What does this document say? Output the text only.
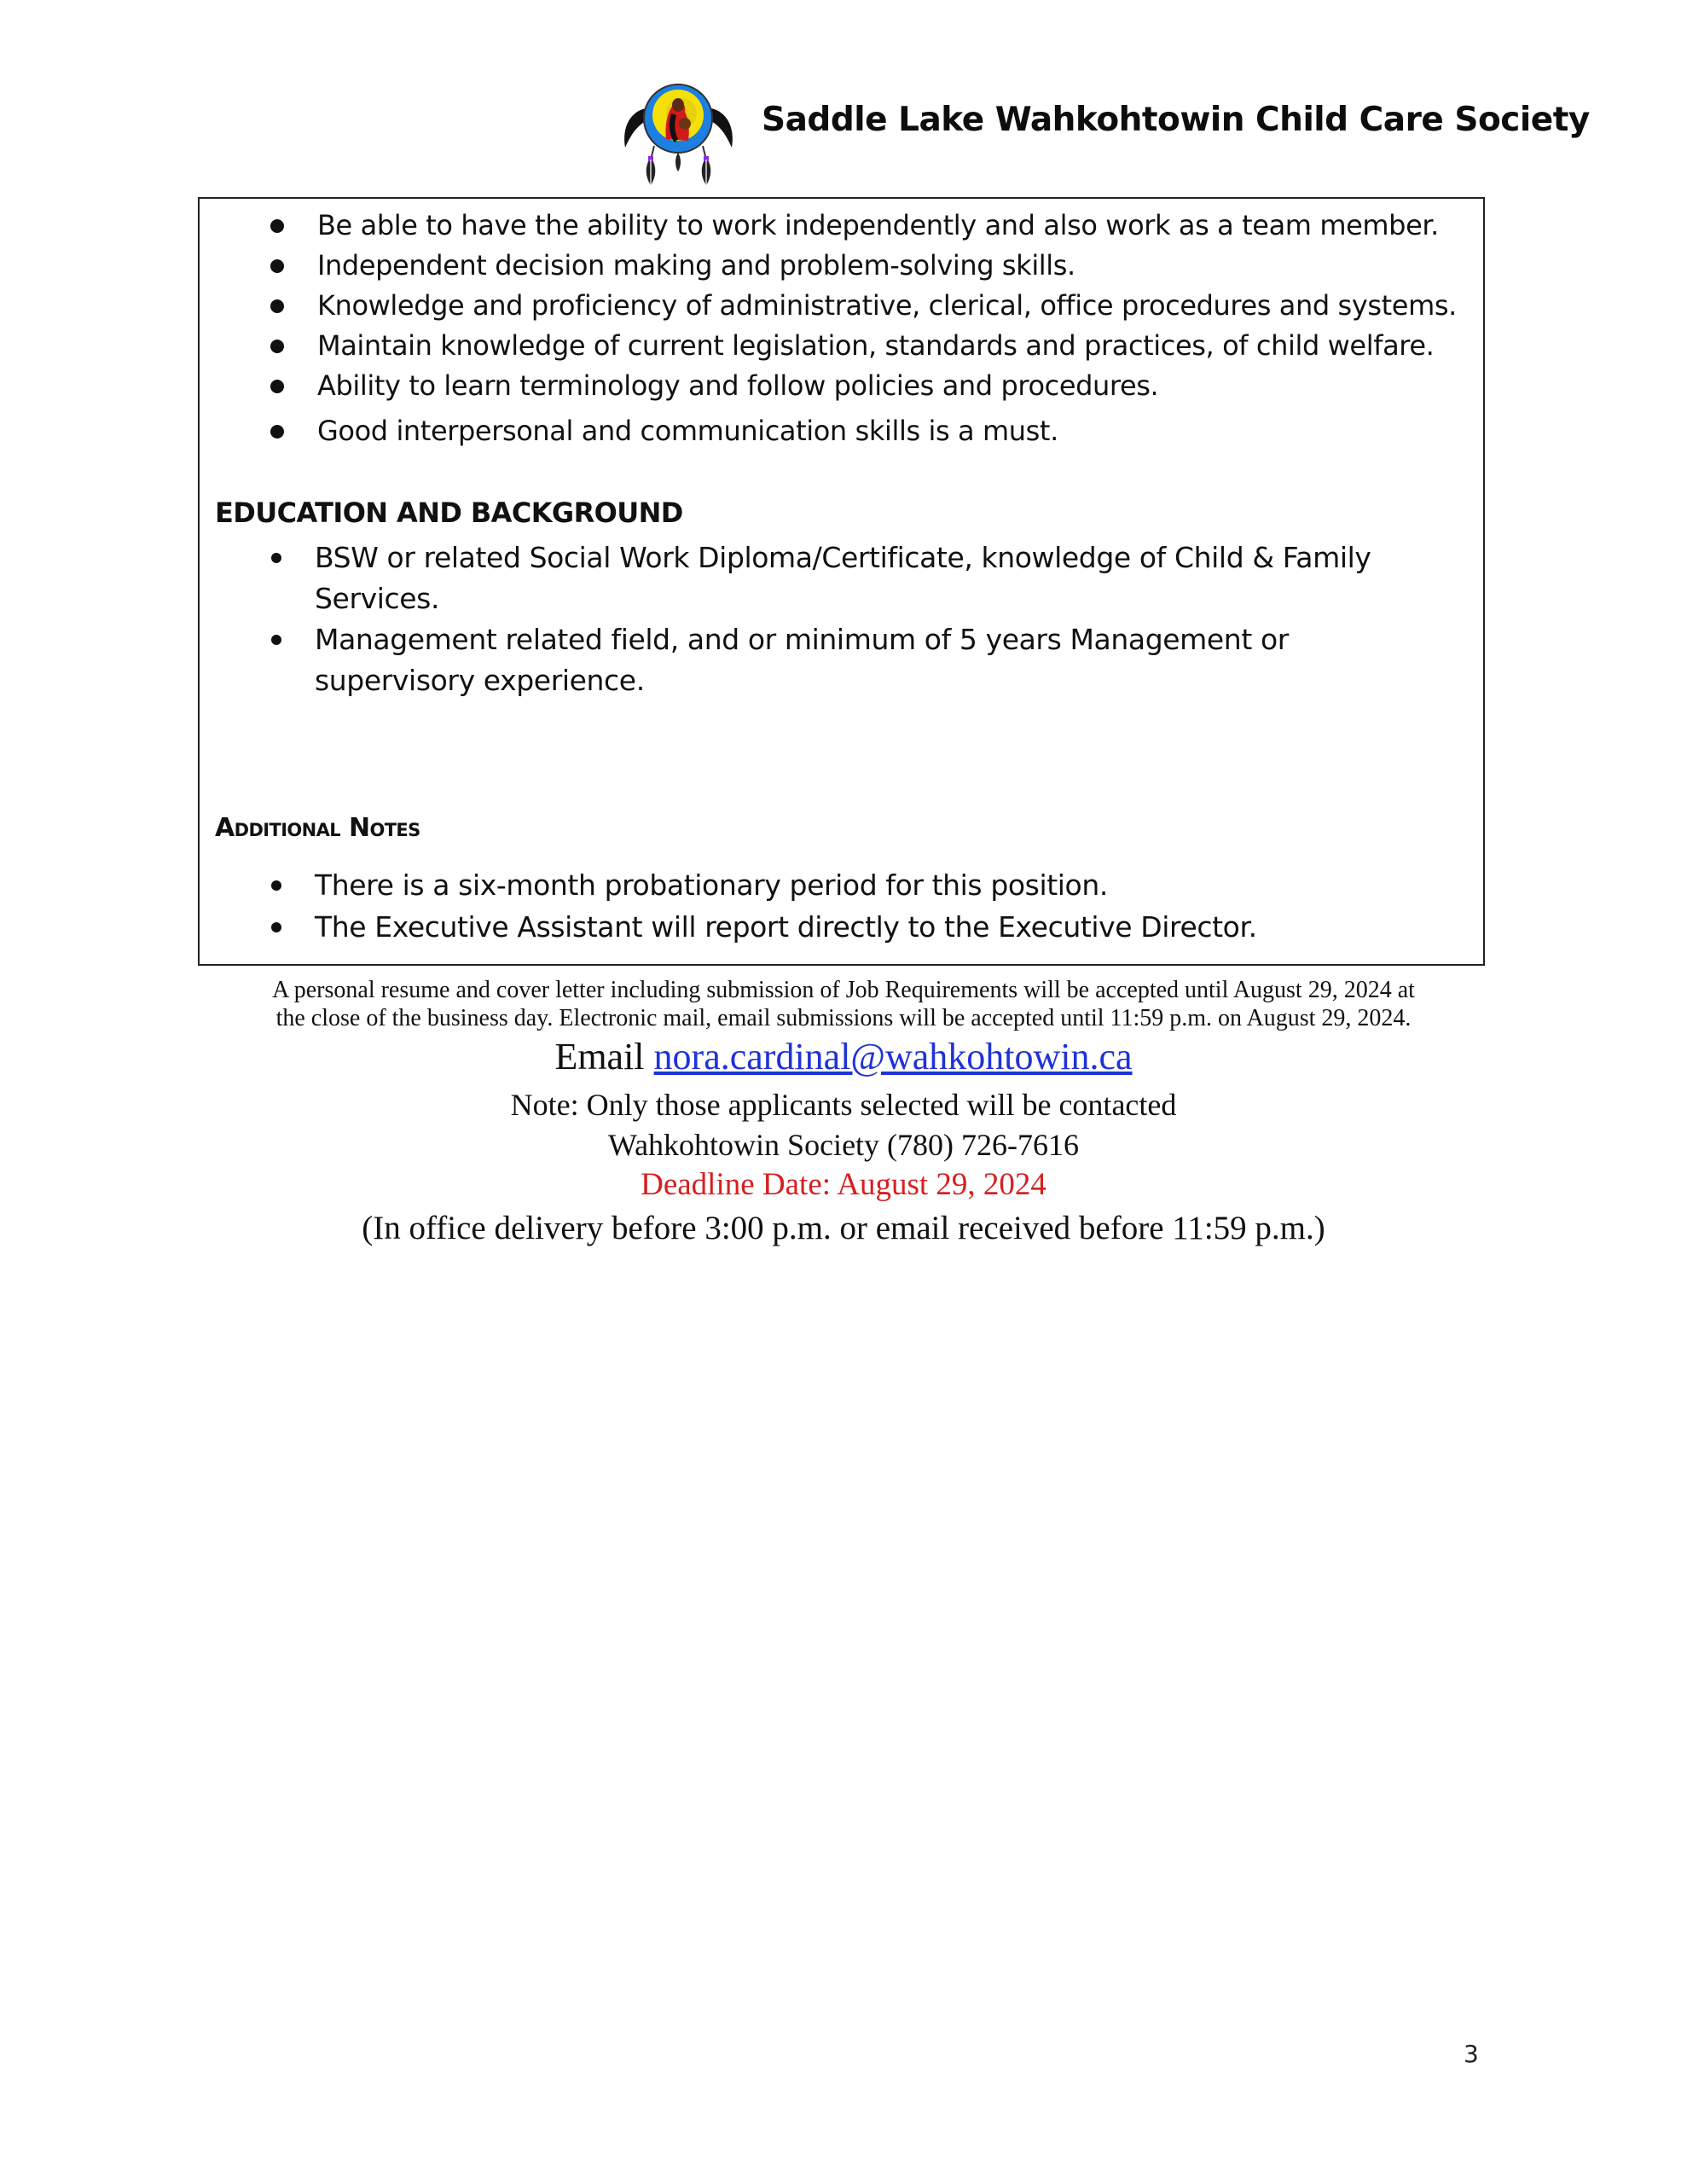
Saddle Lake Wahkohtowin Child Care Society
Be able to have the ability to work independently and also work as a team member.
Independent decision making and problem-solving skills.
Knowledge and proficiency of administrative, clerical, office procedures and systems.
Maintain knowledge of current legislation, standards and practices, of child welfare.
Ability to learn terminology and follow policies and procedures.
Good interpersonal and communication skills is a must.
EDUCATION AND BACKGROUND
BSW or related Social Work Diploma/Certificate, knowledge of Child & Family Services.
Management related field, and or minimum of 5 years Management or supervisory experience.
Additional Notes
There is a six-month probationary period for this position.
The Executive Assistant will report directly to the Executive Director.
A personal resume and cover letter including submission of Job Requirements will be accepted until August 29, 2024 at
the close of the business day. Electronic mail, email submissions will be accepted until 11:59 p.m. on August 29, 2024.
Email nora.cardinal@wahkohtowin.ca
Note: Only those applicants selected will be contacted
Wahkohtowin Society (780) 726-7616
Deadline Date: August 29, 2024
(In office delivery before 3:00 p.m. or email received before 11:59 p.m.)
3
